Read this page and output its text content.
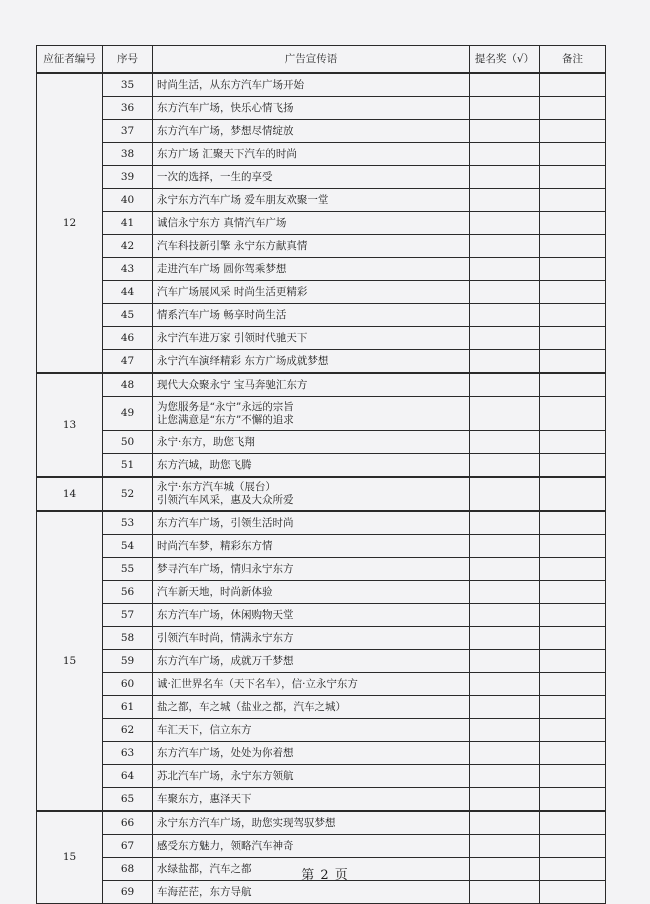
应征者编号	序号	广告宣传语	提名奖（√）	备注
12	35	时尚生活，从东方汽车广场开始		

	36	东方汽车广场，快乐心情飞扬		

	37	东方汽车广场，梦想尽情绽放		

	38	东方广场 汇聚天下汽车的时尚		

	39	一次的选择，一生的享受		

	40	永宁东方汽车广场 爱车朋友欢聚一堂		

	41	诚信永宁东方 真情汽车广场		

	42	汽车科技新引擎 永宁东方献真情		

	43	走进汽车广场 圆你驾乘梦想		

	44	汽车广场展风采 时尚生活更精彩		

	45	情系汽车广场 畅享时尚生活		

	46	永宁汽车进万家 引领时代驰天下		

	47	永宁汽车演绎精彩 东方广场成就梦想		

13	48	现代大众聚永宁 宝马奔驰汇东方		

	49	为您服务是“永宁”永远的宗旨
让您满意是“东方”不懈的追求		

	50	永宁·东方，助您飞翔		

	51	东方汽城，助您飞腾		

14	52	永宁·东方汽车城（展台）
引领汽车风采，惠及大众所爱		

15	53	东方汽车广场，引领生活时尚		

	54	时尚汽车梦，精彩东方情		

	55	梦寻汽车广场，情归永宁东方		

	56	汽车新天地，时尚新体验		

	57	东方汽车广场，休闲购物天堂		

	58	引领汽车时尚，情满永宁东方		

	59	东方汽车广场，成就万千梦想		

	60	诚·汇世界名车（天下名车），信·立永宁东方		

	61	盐之都，车之城（盐业之都，汽车之城）		

	62	车汇天下，信立东方		

	63	东方汽车广场，处处为你着想		

	64	苏北汽车广场，永宁东方领航		

	65	车聚东方，惠泽天下		

15	66	永宁东方汽车广场，助您实现驾驭梦想		

	67	感受东方魅力，领略汽车神奇		

	68	水绿盐都，汽车之都		

	69	车海茫茫，东方导航		

第 2 页
